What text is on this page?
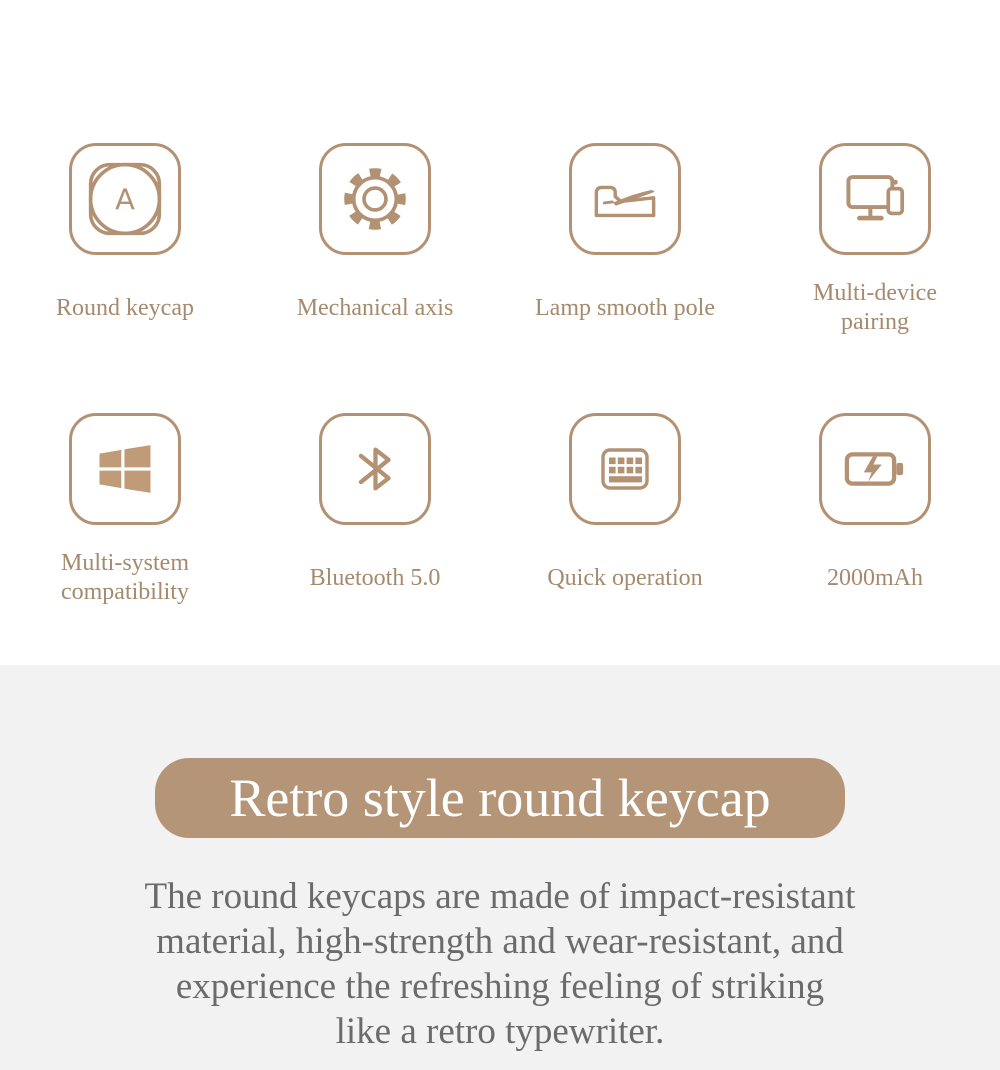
A
Round keycap	Mechanical axis	Lamp smooth pole
Multi-device
pairing
Multi-system
compatibility
Bluetooth 5.0	Quick operation	2000mAh
Retro style round keycap
The round keycaps are made of impact-resistant
material, high-strength and wear-resistant, and
experience the refreshing feeling of striking
like a retro typewriter.
